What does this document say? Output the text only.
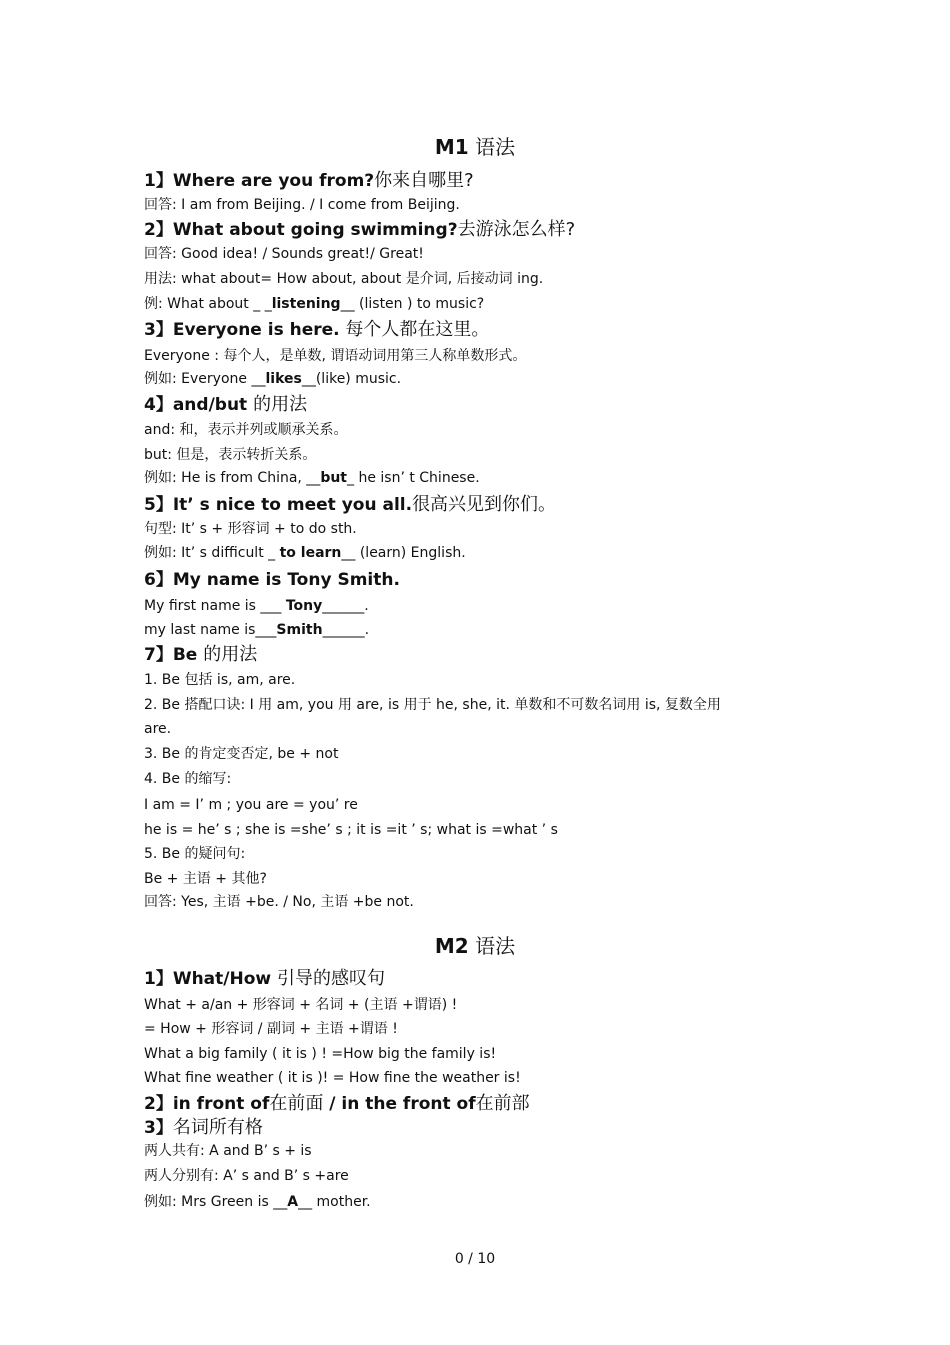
M1 语法
1】Where are you from?你来自哪里?
回答: I am from Beijing. / I come from Beijing.
2】What about going swimming?去游泳怎么样?
回答: Good idea! / Sounds great!/ Great!
用法: what about= How about, about 是介词, 后接动词 ing.
例: What about _ _listening__ (listen ) to music?
3】Everyone is here. 每个人都在这里。
Everyone : 每个人，是单数, 谓语动词用第三人称单数形式。
例如: Everyone __likes__(like) music.
4】and/but 的用法
and: 和，表示并列或顺承关系。
but: 但是，表示转折关系。
例如: He is from China, __but_ he isn’ t Chinese.
5】It’ s nice to meet you all.很高兴见到你们。
句型: It’ s + 形容词 + to do sth.
例如: It’ s difficult _ to learn__ (learn) English.
6】My name is Tony Smith.
My first name is ___ Tony______.
my last name is___Smith______.
7】Be 的用法
1. Be 包括 is, am, are.
2. Be 搭配口诀: I 用 am, you 用 are, is 用于 he, she, it. 单数和不可数名词用 is, 复数全用
are.
3. Be 的肯定变否定, be + not
4. Be 的缩写:
I am = I’ m ; you are = you’ re
he is = he’ s ; she is =she’ s ; it is =it ’ s; what is =what ’ s
5. Be 的疑问句:
Be + 主语 + 其他?
回答: Yes, 主语 +be. / No, 主语 +be not.
M2 语法
1】What/How 引导的感叹句
What + a/an + 形容词 + 名词 + (主语 +谓语) !
= How + 形容词 / 副词 + 主语 +谓语 !
What a big family ( it is ) ! =How big the family is!
What fine weather ( it is )! = How fine the weather is!
2】in front of在前面 / in the front of在前部
3】名词所有格
两人共有: A and B’ s + is
两人分别有: A’ s and B’ s +are
例如: Mrs Green is __A__ mother.
0 / 10
